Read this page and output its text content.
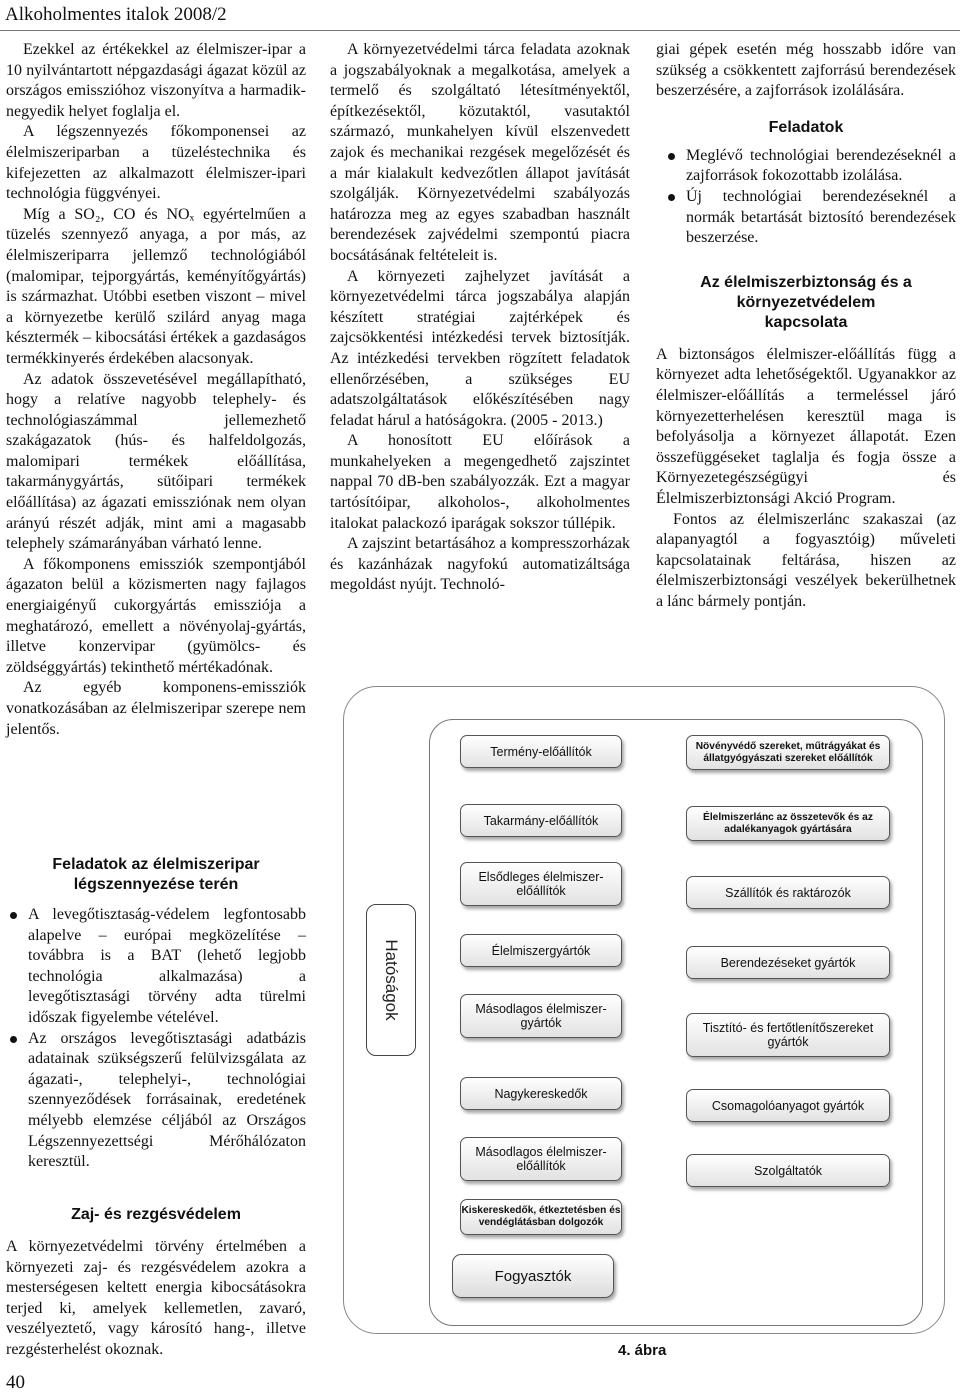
Alkoholmentes italok 2008/2

Ezekkel az értékekkel az élelmiszer-ipar a 10 nyilvántartott népgazdasági ágazat közül az országos emisszióhoz viszonyítva a harmadik-negyedik helyet foglalja el.

A légszennyezés főkomponensei az élelmiszeriparban a tüzeléstechnika és kifejezetten az alkalmazott élelmiszer-ipari technológia függvényei.

Míg a SO₂, CO és NOₓ egyértelműen a tüzelés szennyező anyaga, a por más, az élelmiszeriparra jellemző technológiából (malomipar, tejporgyártás, keményítőgyártás) is származhat. Utóbbi esetben viszont – mivel a környezetbe kerülő szilárd anyag maga késztermék – kibocsátási értékek a gazdaságos termékkinyerés érdekében alacsonyak.

Az adatok összevetésével megállapítható, hogy a relatíve nagyobb telephely- és technológiaszámmal jellemezhető szakágazatok (hús- és halfeldolgozás, malomipari termékek előállítása, takarmánygyártás, sütőipari termékek előállítása) az ágazati emissziónak nem olyan arányú részét adják, mint ami a magasabb telephely számarányában várható lenne.

A főkomponens emissziók szempontjából ágazaton belül a közismerten nagy fajlagos energiaigényű cukorgyártás emissziója a meghatározó, emellett a növényolaj-gyártás, illetve konzervipar (gyümölcs- és zöldséggyártás) tekinthető mértékadónak.

Az egyéb komponens-emissziók vonatkozásában az élelmiszeripar szerepe nem jelentős.

Feladatok az élelmiszeripar légszennyezése terén
A levegőtisztaság-védelem legfontosabb alapelve – európai megközelítése – továbbra is a BAT (lehető legjobb technológia alkalmazása) a levegőtisztasági törvény adta türelmi időszak figyelembe vételével.
Az országos levegőtisztasági adatbázis adatainak szükségszerű felülvizsgálata az ágazati-, telephelyi-, technológiai szennyeződések forrásainak, eredetének mélyebb elemzése céljából az Országos Légszennyezettségi Mérőhálózaton keresztül.
Zaj- és rezgésvédelem

A környezetvédelmi törvény értelmében a környezeti zaj- és rezgésvédelem azokra a mesterségesen keltett energia kibocsátásokra terjed ki, amelyek kellemetlen, zavaró, veszélyeztető, vagy károsító hang-, illetve rezgésterhelést okoznak.

A környezetvédelmi tárca feladata azoknak a jogszabályoknak a megalkotása, amelyek a termelő és szolgáltató létesítményektől, építkezésektől, közutaktól, vasutaktól származó, munkahelyen kívül elszenvedett zajok és mechanikai rezgések megelőzését és a már kialakult kedvezőtlen állapot javítását szolgálják. Környezetvédelmi szabályozás határozza meg az egyes szabadban használt berendezések zajvédelmi szempontú piacra bocsátásának feltételeit is.

A környezeti zajhelyzet javítását a környezetvédelmi tárca jogszabálya alapján készített stratégiai zajtérképek és zajcsökkentési intézkedési tervek biztosítják. Az intézkedési tervekben rögzített feladatok ellenőrzésében, a szükséges EU adatszolgáltatások előkészítésében nagy feladat hárul a hatóságokra. (2005 - 2013.)

A honosított EU előírások a munkahelyeken a megengedhető zajszintet nappal 70 dB-ben szabályozzák. Ezt a magyar tartósítóipar, alkoholos-, alkoholmentes italokat palackozó iparágak sokszor túllépik.

A zajszint betartásához a kompresszorházak és kazánházak nagyfokú automatizáltsága megoldást nyújt. Technoló-

giai gépek esetén még hosszabb időre van szükség a csökkentett zajforrású berendezések beszerzésére, a zajforrások izolálására.

Feladatok
Meglévő technológiai berendezéseknél a zajforrások fokozottabb izolálása.
Új technológiai berendezéseknél a normák betartását biztosító berendezések beszerzése.
Az élelmiszerbiztonság és a környezetvédelem kapcsolata

A biztonságos élelmiszer-előállítás függ a környezet adta lehetőségektől. Ugyanakkor az élelmiszer-előállítás a termeléssel járó környezetterhelésen keresztül maga is befolyásolja a környezet állapotát. Ezen összefüggéseket taglalja és fogja össze a Környezetegészségügyi és Élelmiszerbiztonsági Akció Program.

Fontos az élelmiszerlánc szakaszai (az alapanyagtól a fogyasztóig) műveleti kapcsolatainak feltárása, hiszen az élelmiszerbiztonsági veszélyek bekerülhetnek a lánc bármely pontján.

Hatóságok
Termény-előállítók
Takarmány-előállítók
Elsődleges élelmiszer-előállítók
Élelmiszergyártók
Másodlagos élelmiszer-gyártók
Nagykereskedők
Másodlagos élelmiszer-előállítók
Kiskereskedők, étkeztetésben és vendéglátásban dolgozók
Növényvédő szereket, műtrágyákat és állatgyógyászati szereket előállítók
Élelmiszerlánc az összetevők és az adalékanyagok gyártására
Szállítók és raktározók
Berendezéseket gyártók
Tisztító- és fertőtlenítőszereket gyártók
Csomagolóanyagot gyártók
Szolgáltatók
Fogyasztók
4. ábra
40
